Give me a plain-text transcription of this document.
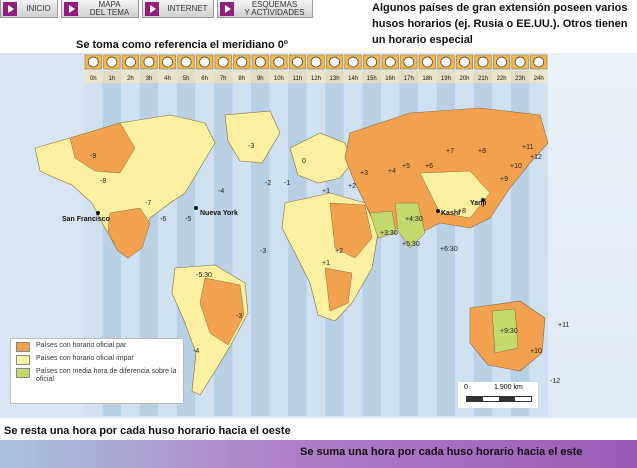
INICIO	MAPA
DEL TEMA	INTERNET	ESQUEMAS
Y ACTIVIDADES	Algunos países de gran extensión poseen varios husos horarios (ej. Rusia o EE.UU.). Otros tienen un horario especial
Se toma como referencia el meridiano 0º
0h 1h 2h 3h 4h 5h 6h 7h 8h 9h 10h 11h 12h 13h 14h 15h 16h 17h 18h 19h 20h 21h 22h 23h 24h
-9
-8
-7
-6	-5
-4
-3
-2 -1
0
+1
+2
+3	+4
+5 +6
+7	+8
+9
+10
+11
+12
-5:30
-3
-4
+3:30
+4:30
+5:30
+6:30
+9:30
+10
+11
-12
+2
+1
+8
-3
San Francisco
Nueva York	Kashi
Yanji
Países con horario oficial par
Países con horario oficial impar
Países con media hora de diferencia sobre la oficial
0	1.900 km
Se resta una hora por cada huso horario hacia el oeste
Se suma una hora por cada huso horario hacia el este
